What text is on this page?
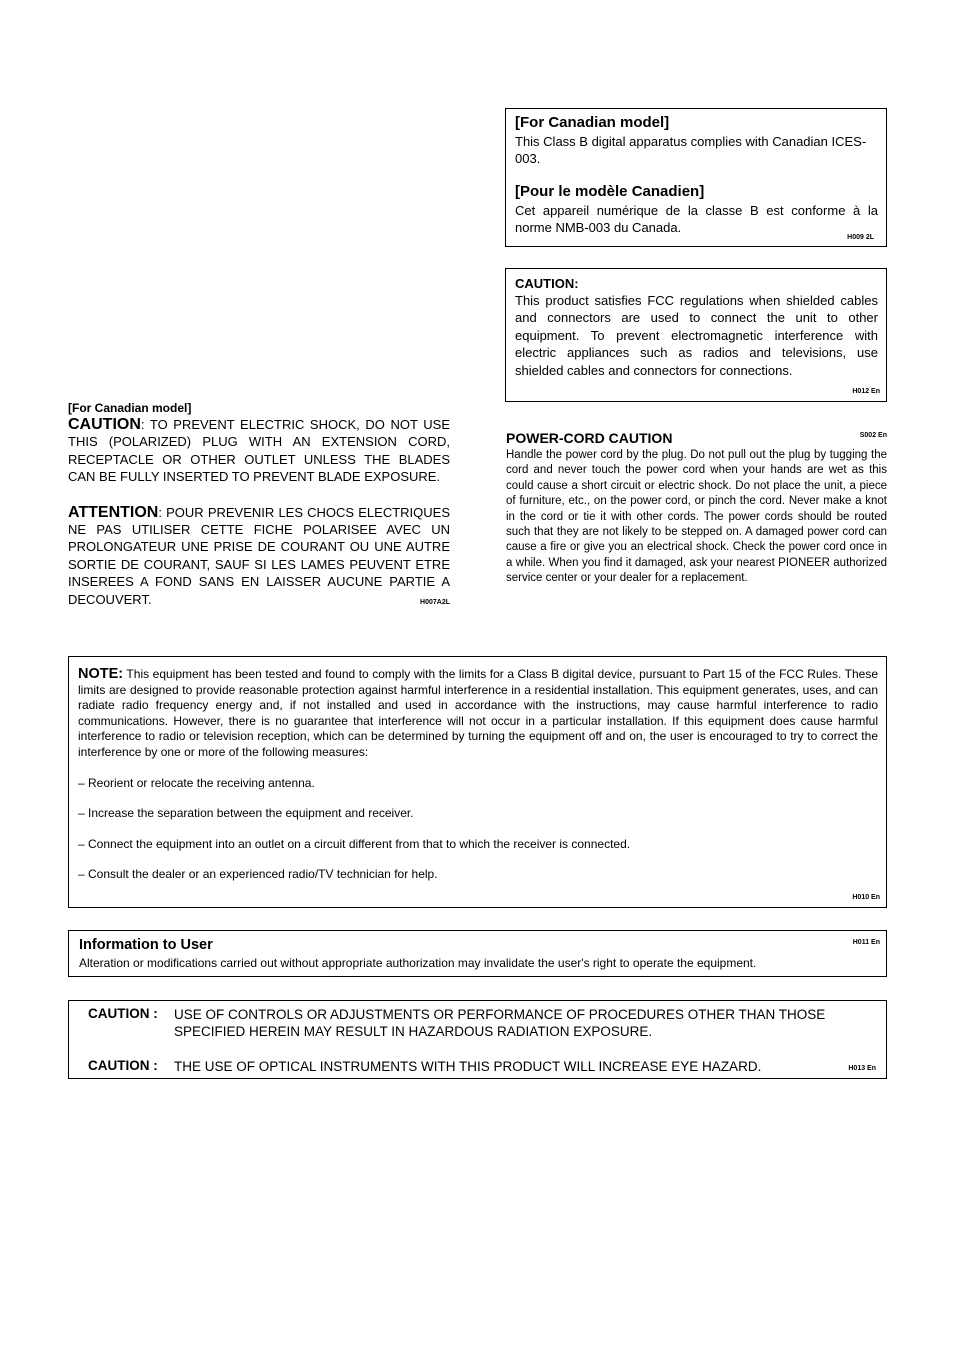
[For Canadian model]

This Class B digital apparatus complies with Canadian ICES-003.

[Pour le modèle Canadien]

Cet appareil numérique de la classe B est conforme à la norme NMB-003 du Canada.

H009 2L
CAUTION:

This product satisfies FCC regulations when shielded cables and connectors are used to connect the unit to other equipment. To prevent electromagnetic interference with electric appliances such as radios and televisions, use shielded cables and connectors for connections.

H012 En
POWER-CORD CAUTION	S002 En

Handle the power cord by the plug. Do not pull out the plug by tugging the cord and never touch the power cord when your hands are wet as this could cause a short circuit or electric shock. Do not place the unit, a piece of furniture, etc., on the power cord, or pinch the cord. Never make a knot in the cord or tie it with other cords. The power cords should be routed such that they are not likely to be stepped on. A damaged power cord can cause a fire or give you an electrical shock. Check the power cord once in a while. When you find it damaged, ask your nearest PIONEER authorized service center or your dealer for a replacement.

[For Canadian model]

CAUTION: TO PREVENT ELECTRIC SHOCK, DO NOT USE THIS (POLARIZED) PLUG WITH AN EXTENSION CORD, RECEPTACLE OR OTHER OUTLET UNLESS THE BLADES CAN BE FULLY INSERTED TO PREVENT BLADE EXPOSURE.

ATTENTION: POUR PREVENIR LES CHOCS ELECTRIQUES NE PAS UTILISER CETTE FICHE POLARISEE AVEC UN PROLONGATEUR UNE PRISE DE COURANT OU UNE AUTRE SORTIE DE COURANT, SAUF SI LES LAMES PEUVENT ETRE INSEREES A FOND SANS EN LAISSER AUCUNE PARTIE A DECOUVERT.	H007A2L

NOTE: This equipment has been tested and found to comply with the limits for a Class B digital device, pursuant to Part 15 of the FCC Rules. These limits are designed to provide reasonable protection against harmful interference in a residential installation. This equipment generates, uses, and can radiate radio frequency energy and, if not installed and used in accordance with the instructions, may cause harmful interference to radio communications. However, there is no guarantee that interference will not occur in a particular installation. If this equipment does cause harmful interference to radio or television reception, which can be determined by turning the equipment off and on, the user is encouraged to try to correct the interference by one or more of the following measures:

– Reorient or relocate the receiving antenna.
– Increase the separation between the equipment and receiver.
– Connect the equipment into an outlet on a circuit different from that to which the receiver is connected.
– Consult the dealer or an experienced radio/TV technician for help.
H010 En
Information to User	H011 En

Alteration or modifications carried out without appropriate authorization may invalidate the user's right to operate the equipment.

CAUTION : USE OF CONTROLS OR ADJUSTMENTS OR PERFORMANCE OF PROCEDURES OTHER THAN THOSE SPECIFIED HEREIN MAY RESULT IN HAZARDOUS RADIATION EXPOSURE.
CAUTION : THE USE OF OPTICAL INSTRUMENTS WITH THIS PRODUCT WILL INCREASE EYE HAZARD.	H013 En
